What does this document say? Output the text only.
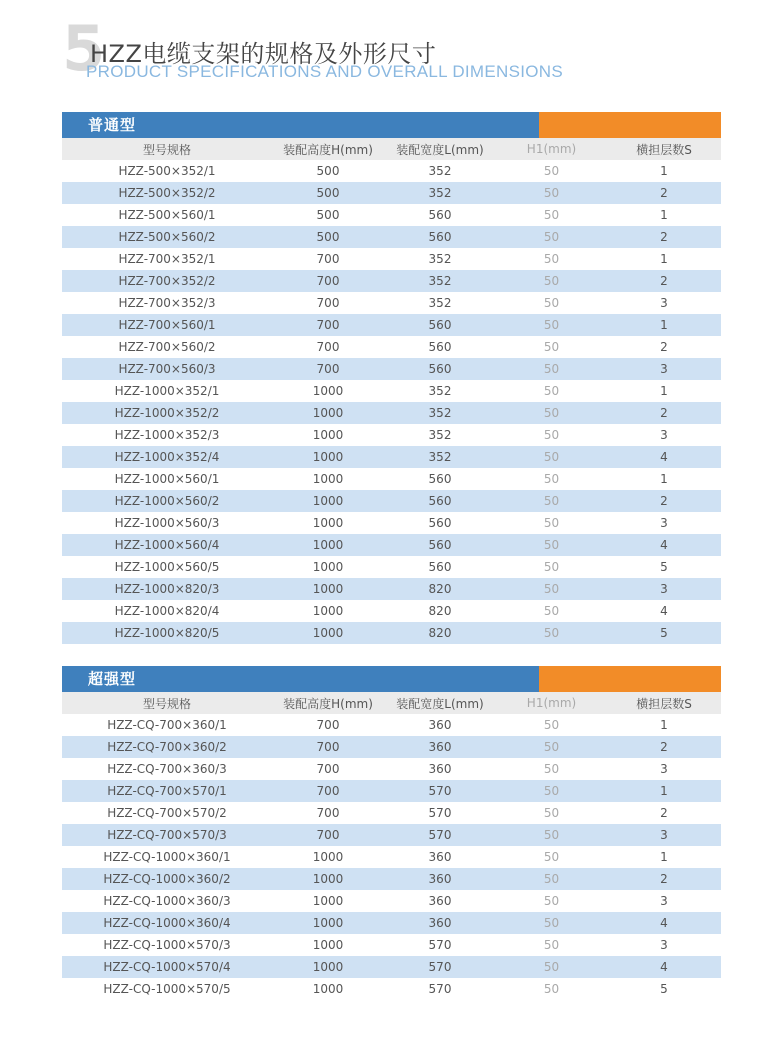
5
HZZ电缆支架的规格及外形尺寸
PRODUCT SPECIFICATIONS AND OVERALL DIMENSIONS
普通型
型号规格	装配高度H(mm)	装配宽度L(mm)	H1(mm)	横担层数S
HZZ-500×352/1	500	352	50	1
HZZ-500×352/2	500	352	50	2
HZZ-500×560/1	500	560	50	1
HZZ-500×560/2	500	560	50	2
HZZ-700×352/1	700	352	50	1
HZZ-700×352/2	700	352	50	2
HZZ-700×352/3	700	352	50	3
HZZ-700×560/1	700	560	50	1
HZZ-700×560/2	700	560	50	2
HZZ-700×560/3	700	560	50	3
HZZ-1000×352/1	1000	352	50	1
HZZ-1000×352/2	1000	352	50	2
HZZ-1000×352/3	1000	352	50	3
HZZ-1000×352/4	1000	352	50	4
HZZ-1000×560/1	1000	560	50	1
HZZ-1000×560/2	1000	560	50	2
HZZ-1000×560/3	1000	560	50	3
HZZ-1000×560/4	1000	560	50	4
HZZ-1000×560/5	1000	560	50	5
HZZ-1000×820/3	1000	820	50	3
HZZ-1000×820/4	1000	820	50	4
HZZ-1000×820/5	1000	820	50	5
超强型
型号规格	装配高度H(mm)	装配宽度L(mm)	H1(mm)	横担层数S
HZZ-CQ-700×360/1	700	360	50	1
HZZ-CQ-700×360/2	700	360	50	2
HZZ-CQ-700×360/3	700	360	50	3
HZZ-CQ-700×570/1	700	570	50	1
HZZ-CQ-700×570/2	700	570	50	2
HZZ-CQ-700×570/3	700	570	50	3
HZZ-CQ-1000×360/1	1000	360	50	1
HZZ-CQ-1000×360/2	1000	360	50	2
HZZ-CQ-1000×360/3	1000	360	50	3
HZZ-CQ-1000×360/4	1000	360	50	4
HZZ-CQ-1000×570/3	1000	570	50	3
HZZ-CQ-1000×570/4	1000	570	50	4
HZZ-CQ-1000×570/5	1000	570	50	5
